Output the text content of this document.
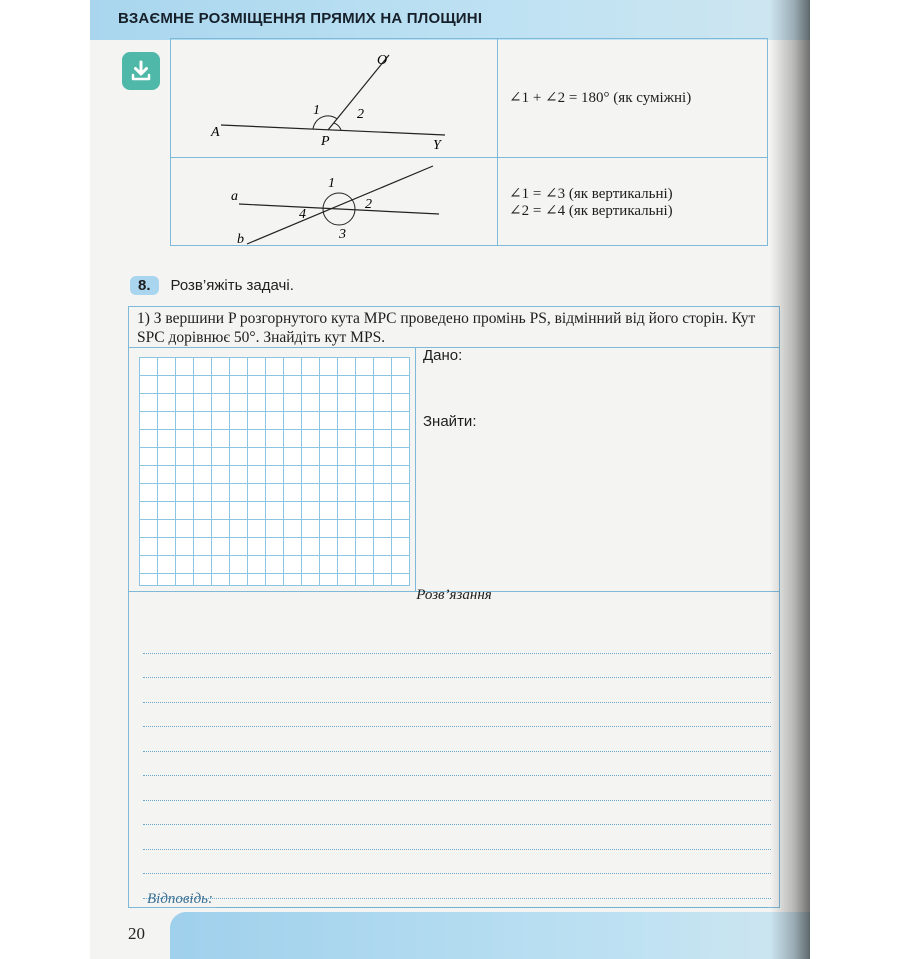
ВЗАЄМНЕ РОЗМІЩЕННЯ ПРЯМИХ НА ПЛОЩИНІ
O
A
P	Y
1	2
∠1 + ∠2 = 180° (як суміжні)
a
b
1
2
3
4
∠1 = ∠3 (як вертикальні)
∠2 = ∠4 (як вертикальні)
8.	Розв’яжіть задачі.
1) З вершини P розгорнутого кута MPC проведено промінь PS, відмінний від його сторін. Кут SPC дорівнює 50°. Знайдіть кут MPS.
Дано:
Знайти:
Розв’язання
Відповідь:
20
